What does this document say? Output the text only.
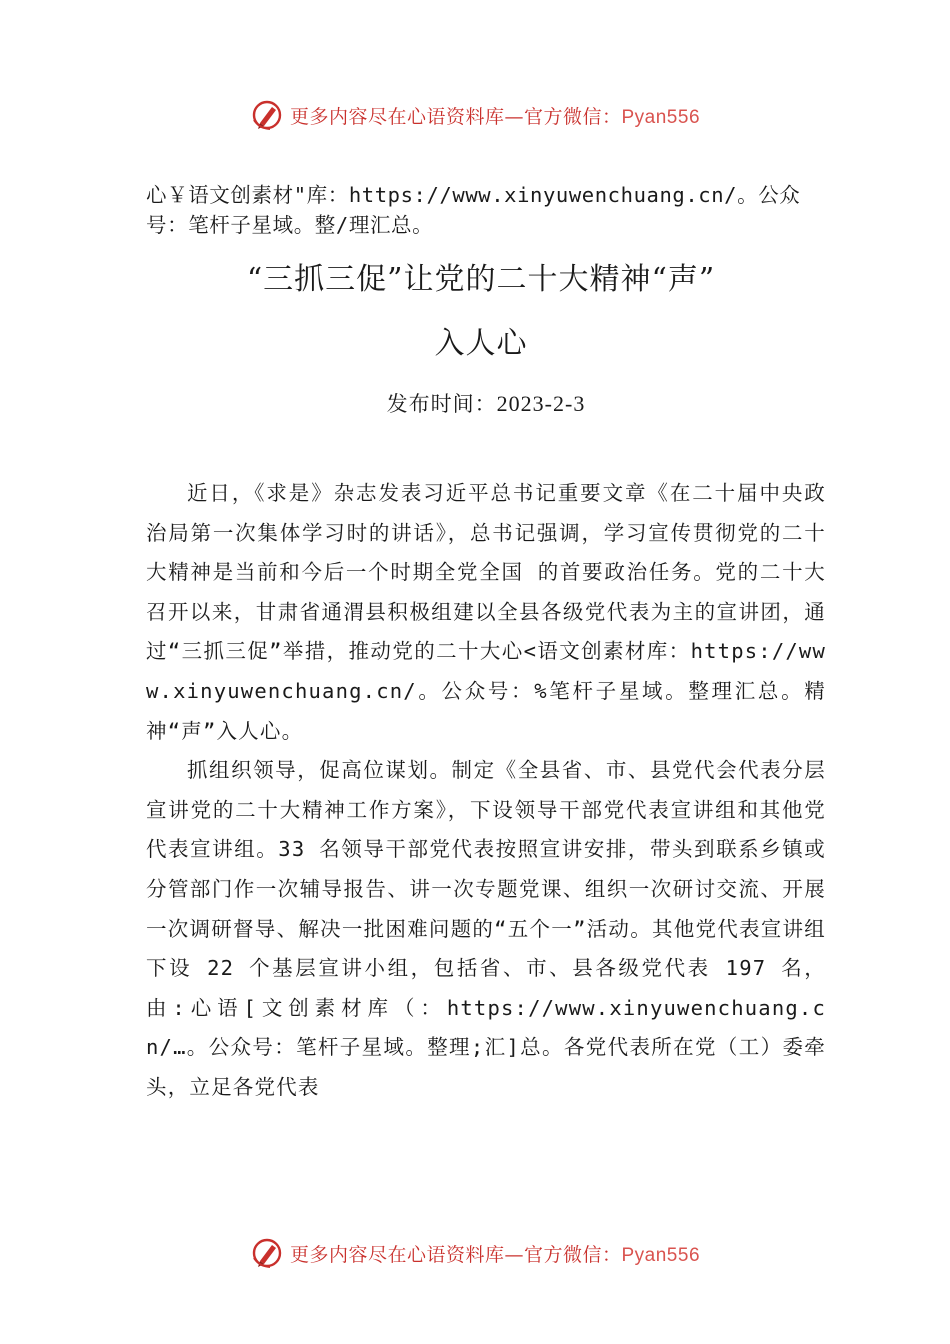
更多内容尽在心语资料库—官方微信：Pyan556

心￥语文创素材"库：https://www.xinyuwenchuang.cn/。公众号：笔杆子星域。整/理汇总。

“三抓三促”让党的二十大精神“声”
入人心
发布时间：2023-2-3

近日，《求是》杂志发表习近平总书记重要文章《在二十届中央政治局第一次集体学习时的讲话》，总书记强调，学习宣传贯彻党的二十大精神是当前和今后一个时期全党全国 的首要政治任务。党的二十大召开以来，甘肃省通渭县积极组建以全县各级党代表为主的宣讲团，通过“三抓三促”举措，推动党的二十大心<语文创素材库：https://www.xinyuwenchuang.cn/。公众号：%笔杆子星域。整理汇总。精神“声”入人心。

抓组织领导，促高位谋划。制定《全县省、市、县党代会代表分层宣讲党的二十大精神工作方案》，下设领导干部党代表宣讲组和其他党代表宣讲组。33 名领导干部党代表按照宣讲安排，带头到联系乡镇或分管部门作一次辅导报告、讲一次专题党课、组织一次研讨交流、开展一次调研督导、解决一批困难问题的“五个一”活动。其他党代表宣讲组下设 22 个基层宣讲小组，包括省、市、县各级党代表 197 名， 由:心语[文创素材库（：https://www.xinyuwenchuang.cn/…。公众号：笔杆子星域。整理;汇]总。各党代表所在党（工）委牵头，立足各党代表

更多内容尽在心语资料库—官方微信：Pyan556
